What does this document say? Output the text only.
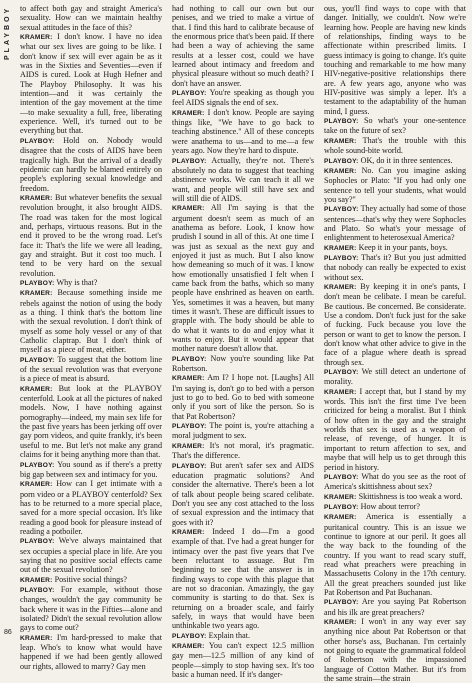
PLAYBOY
86

to affect both gay and straight America's sexuality. How can we maintain healthy sexual attitudes in the face of this?

KRAMER: I don't know. I have no idea what our sex lives are going to be like. I don't know if sex will ever again be as it was in the Sixties and Seventies—even if AIDS is cured. Look at Hugh Hefner and The Playboy Philosophy. It was his intention—and it was certainly the intention of the gay movement at the time—to make sexuality a full, free, liberating experience. Well, it's turned out to be everything but that.

PLAYBOY: Hold on. Nobody would disagree that the costs of AIDS have been tragically high. But the arrival of a deadly epidemic can hardly be blamed entirely on people's exploring sexual knowledge and freedom.

KRAMER: But whatever benefits the sexual revolution brought, it also brought AIDS. The road was taken for the most logical and, perhaps, virtuous reasons. But in the end it proved to be the wrong road. Let's face it: That's the life we were all leading, gay and straight. But it cost too much. I tend to be very hard on the sexual revolution.

PLAYBOY: Why is that?

KRAMER: Because something inside me rebels against the notion of using the body as a thing. I think that's the bottom line with the sexual revolution. I don't think of myself as some holy vessel or any of that Catholic claptrap. But I don't think of myself as a piece of meat, either.

PLAYBOY: To suggest that the bottom line of the sexual revolution was that everyone is a piece of meat is absurd.

KRAMER: But look at the PLAYBOY centerfold. Look at all the pictures of naked models. Now, I have nothing against pornography—indeed, my main sex life for the past five years has been jerking off over gay porn videos, and quite frankly, it's been useful to me. But let's not make any grand claims for it being anything more than that.

PLAYBOY: You sound as if there's a pretty big gap between sex and intimacy for you.

KRAMER: How can I get intimate with a porn video or a PLAYBOY centerfold? Sex has to be returned to a more special place, saved for a more special occasion. It's like reading a good book for pleasure instead of reading a potboiler.

PLAYBOY: We've always maintained that sex occupies a special place in life. Are you saying that no positive social effects came out of the sexual revolution?

KRAMER: Positive social things?

PLAYBOY: For example, without those changes, wouldn't the gay community be back where it was in the Fifties—alone and isolated? Didn't the sexual revolution allow gays to come out?

KRAMER: I'm hard-pressed to make that leap. Who's to know what would have happened if we had been gently allowed our rights, allowed to marry? Gay men

had nothing to call our own but our penises, and we tried to make a virtue of that. I find this hard to calibrate because of the enormous price that's been paid. If there had been a way of achieving the same results at a lesser cost, could we have learned about intimacy and freedom and physical pleasure without so much death? I don't have an answer.

PLAYBOY: You're speaking as though you feel AIDS signals the end of sex.

KRAMER: I don't know. People are saying things like, "We have to go back to teaching abstinence." All of these concepts were anathema to us—and to me—a few years ago. Now they're hard to dispute.

PLAYBOY: Actually, they're not. There's absolutely no data to suggest that teaching abstinence works. We can teach it all we want, and people will still have sex and will still die of AIDS.

KRAMER: All I'm saying is that the argument doesn't seem as much of an anathema as before. Look, I know how prudish I sound in all of this. At one time I was just as sexual as the next guy and enjoyed it just as much. But I also know how demeaning so much of it was. I know how emotionally unsatisfied I felt when I came back from the baths, which so many people have enshrined as heaven on earth. Yes, sometimes it was a heaven, but many times it wasn't. These are difficult issues to grapple with. The body should be able to do what it wants to do and enjoy what it wants to enjoy. But it would appear that mother nature doesn't allow that.

PLAYBOY: Now you're sounding like Pat Robertson.

KRAMER: Am I? I hope not. [Laughs] All I'm saying is, don't go to bed with a person just to go to bed. Go to bed with someone only if you sort of like the person. So is that Pat Robertson?

PLAYBOY: The point is, you're attaching a moral judgment to sex.

KRAMER: It's not moral, it's pragmatic. That's the difference.

PLAYBOY: But aren't safer sex and AIDS education pragmatic solutions? And consider the alternative. There's been a lot of talk about people being scared celibate. Don't you see any cost attached to the loss of sexual expression and the intimacy that goes with it?

KRAMER: Indeed I do—I'm a good example of that. I've had a great hunger for intimacy over the past five years that I've been reluctant to assuage. But I'm beginning to see that the answer is in finding ways to cope with this plague that are not so draconian. Amazingly, the gay community is starting to do that. Sex is returning on a broader scale, and fairly safely, in ways that would have been unthinkable two years ago.

PLAYBOY: Explain that.

KRAMER: You can't expect 12.5 million gay men—12.5 million of any kind of people—simply to stop having sex. It's too basic a human need. If it's danger-

ous, you'll find ways to cope with that danger. Initially, we couldn't. Now we're learning how. People are having new kinds of relationships, finding ways to be affectionate within prescribed limits. I guess intimacy is going to change. It's quite touching and remarkable to me how many HIV-negative-positive relationships there are. A few years ago, anyone who was HIV-positive was simply a leper. It's a testament to the adaptability of the human mind, I guess.

PLAYBOY: So what's your one-sentence take on the future of sex?

KRAMER: That's the trouble with this whole sound-bite world.

PLAYBOY: OK, do it in three sentences.

KRAMER: No. Can you imagine asking Sophocles or Plato: "If you had only one sentence to tell your students, what would you say?"

PLAYBOY: They actually had some of those sentences—that's why they were Sophocles and Plato. So what's your message of enlightenment to heterosexual America?

KRAMER: Keep it in your pants, boys.

PLAYBOY: That's it? But you just admitted that nobody can really be expected to exist without sex.

KRAMER: By keeping it in one's pants, I don't mean be celibate. I mean be careful. Be cautious. Be concerned. Be considerate. Use a condom. Don't fuck just for the sake of fucking. Fuck because you love the person or want to get to know the person. I don't know what other advice to give in the face of a plague where death is spread through sex.

PLAYBOY: We still detect an undertone of morality.

KRAMER: I accept that, but I stand by my words. This isn't the first time I've been criticized for being a moralist. But I think of how often in the gay and the straight worlds that sex is used as a weapon of release, of revenge, of hunger. It is important to return affection to sex, and maybe that will help us to get through this period in history.

PLAYBOY: What do you see as the root of America's skittishness about sex?

KRAMER: Skittishness is too weak a word.

PLAYBOY: How about terror?

KRAMER: America is essentially a puritanical country. This is an issue we continue to ignore at our peril. It goes all the way back to the founding of the country. If you want to read scary stuff, read what preachers were preaching in Massachusetts Colony in the 17th century. All the great preachers sounded just like Pat Robertson and Pat Buchanan.

PLAYBOY: Are you saying Pat Robertson and his ilk are great preachers?

KRAMER: I won't in any way ever say anything nice about Pat Robertson or that other horse's ass, Buchanan. I'm certainly not going to equate the grammatical foldeol of Robertson with the impassioned language of Cotton Mather. But it's from the same strain—the strain
